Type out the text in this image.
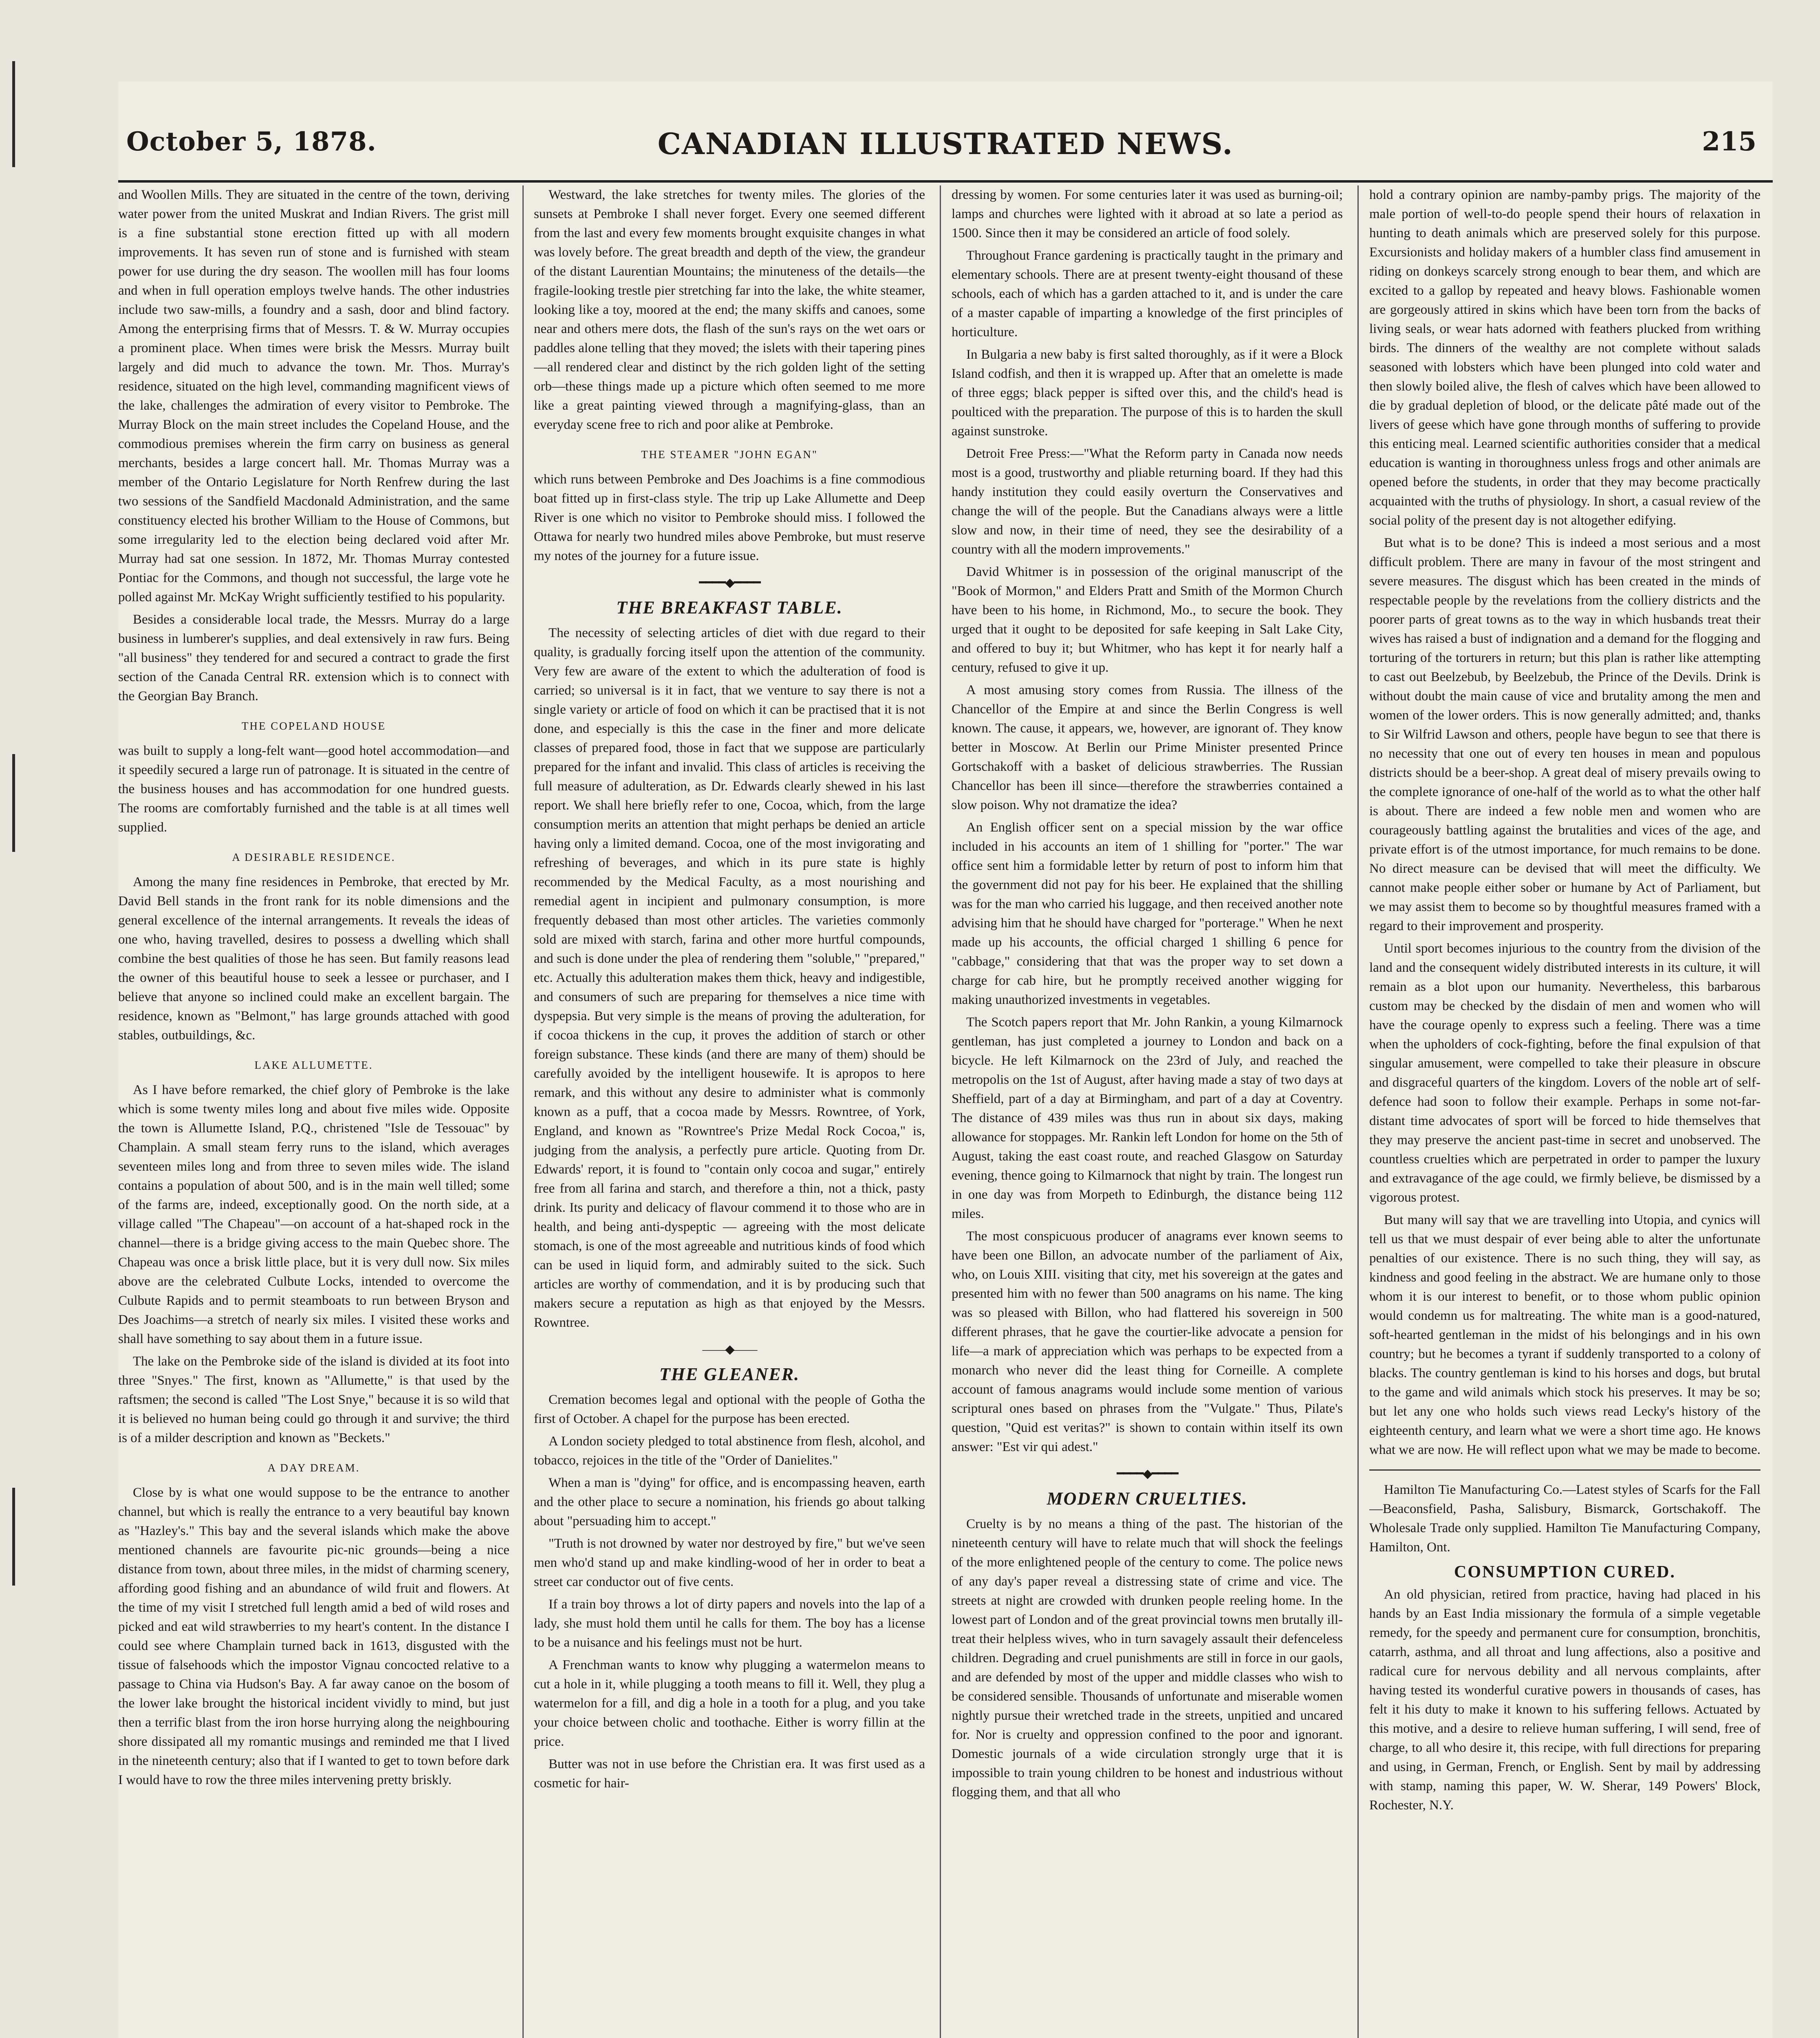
October 5, 1878.	CANADIAN ILLUSTRATED NEWS.	215

and Woollen Mills. They are situated in the centre of the town, deriving water power from the united Muskrat and Indian Rivers. The grist mill is a fine substantial stone erection fitted up with all modern improvements. It has seven run of stone and is furnished with steam power for use during the dry season. The woollen mill has four looms and when in full operation employs twelve hands. The other industries include two saw-mills, a foundry and a sash, door and blind factory. Among the enterprising firms that of Messrs. T. & W. Murray occupies a prominent place. When times were brisk the Messrs. Murray built largely and did much to advance the town. Mr. Thos. Murray's residence, situated on the high level, commanding magnificent views of the lake, challenges the admiration of every visitor to Pembroke. The Murray Block on the main street includes the Copeland House, and the commodious premises wherein the firm carry on business as general merchants, besides a large concert hall. Mr. Thomas Murray was a member of the Ontario Legislature for North Renfrew during the last two sessions of the Sandfield Macdonald Administration, and the same constituency elected his brother William to the House of Commons, but some irregularity led to the election being declared void after Mr. Murray had sat one session. In 1872, Mr. Thomas Murray contested Pontiac for the Commons, and though not successful, the large vote he polled against Mr. McKay Wright sufficiently testified to his popularity.

Besides a considerable local trade, the Messrs. Murray do a large business in lumberer's supplies, and deal extensively in raw furs. Being "all business" they tendered for and secured a contract to grade the first section of the Canada Central RR. extension which is to connect with the Georgian Bay Branch.

THE COPELAND HOUSE

was built to supply a long-felt want—good hotel accommodation—and it speedily secured a large run of patronage. It is situated in the centre of the business houses and has accommodation for one hundred guests. The rooms are comfortably furnished and the table is at all times well supplied.

A DESIRABLE RESIDENCE.

Among the many fine residences in Pembroke, that erected by Mr. David Bell stands in the front rank for its noble dimensions and the general excellence of the internal arrangements. It reveals the ideas of one who, having travelled, desires to possess a dwelling which shall combine the best qualities of those he has seen. But family reasons lead the owner of this beautiful house to seek a lessee or purchaser, and I believe that anyone so inclined could make an excellent bargain. The residence, known as "Belmont," has large grounds attached with good stables, outbuildings, &c.

LAKE ALLUMETTE.

As I have before remarked, the chief glory of Pembroke is the lake which is some twenty miles long and about five miles wide. Opposite the town is Allumette Island, P.Q., christened "Isle de Tessouac" by Champlain. A small steam ferry runs to the island, which averages seventeen miles long and from three to seven miles wide. The island contains a population of about 500, and is in the main well tilled; some of the farms are, indeed, exceptionally good. On the north side, at a village called "The Chapeau"—on account of a hat-shaped rock in the channel—there is a bridge giving access to the main Quebec shore. The Chapeau was once a brisk little place, but it is very dull now. Six miles above are the celebrated Culbute Locks, intended to overcome the Culbute Rapids and to permit steamboats to run between Bryson and Des Joachims—a stretch of nearly six miles. I visited these works and shall have something to say about them in a future issue.

The lake on the Pembroke side of the island is divided at its foot into three "Snyes." The first, known as "Allumette," is that used by the raftsmen; the second is called "The Lost Snye," because it is so wild that it is believed no human being could go through it and survive; the third is of a milder description and known as "Beckets."

A DAY DREAM.

Close by is what one would suppose to be the entrance to another channel, but which is really the entrance to a very beautiful bay known as "Hazley's." This bay and the several islands which make the above mentioned channels are favourite pic-nic grounds—being a nice distance from town, about three miles, in the midst of charming scenery, affording good fishing and an abundance of wild fruit and flowers. At the time of my visit I stretched full length amid a bed of wild roses and picked and eat wild strawberries to my heart's content. In the distance I could see where Champlain turned back in 1613, disgusted with the tissue of falsehoods which the impostor Vignau concocted relative to a passage to China via Hudson's Bay. A far away canoe on the bosom of the lower lake brought the historical incident vividly to mind, but just then a terrific blast from the iron horse hurrying along the neighbouring shore dissipated all my romantic musings and reminded me that I lived in the nineteenth century; also that if I wanted to get to town before dark I would have to row the three miles intervening pretty briskly.

Westward, the lake stretches for twenty miles. The glories of the sunsets at Pembroke I shall never forget. Every one seemed different from the last and every few moments brought exquisite changes in what was lovely before. The great breadth and depth of the view, the grandeur of the distant Laurentian Mountains; the minuteness of the details—the fragile-looking trestle pier stretching far into the lake, the white steamer, looking like a toy, moored at the end; the many skiffs and canoes, some near and others mere dots, the flash of the sun's rays on the wet oars or paddles alone telling that they moved; the islets with their tapering pines—all rendered clear and distinct by the rich golden light of the setting orb—these things made up a picture which often seemed to me more like a great painting viewed through a magnifying-glass, than an everyday scene free to rich and poor alike at Pembroke.

THE STEAMER "JOHN EGAN"

which runs between Pembroke and Des Joachims is a fine commodious boat fitted up in first-class style. The trip up Lake Allumette and Deep River is one which no visitor to Pembroke should miss. I followed the Ottawa for nearly two hundred miles above Pembroke, but must reserve my notes of the journey for a future issue.

━━━━◆━━━━
THE BREAKFAST TABLE.

The necessity of selecting articles of diet with due regard to their quality, is gradually forcing itself upon the attention of the community. Very few are aware of the extent to which the adulteration of food is carried; so universal is it in fact, that we venture to say there is not a single variety or article of food on which it can be practised that it is not done, and especially is this the case in the finer and more delicate classes of prepared food, those in fact that we suppose are particularly prepared for the infant and invalid. This class of articles is receiving the full measure of adulteration, as Dr. Edwards clearly shewed in his last report. We shall here briefly refer to one, Cocoa, which, from the large consumption merits an attention that might perhaps be denied an article having only a limited demand. Cocoa, one of the most invigorating and refreshing of beverages, and which in its pure state is highly recommended by the Medical Faculty, as a most nourishing and remedial agent in incipient and pulmonary consumption, is more frequently debased than most other articles. The varieties commonly sold are mixed with starch, farina and other more hurtful compounds, and such is done under the plea of rendering them "soluble," "prepared," etc. Actually this adulteration makes them thick, heavy and indigestible, and consumers of such are preparing for themselves a nice time with dyspepsia. But very simple is the means of proving the adulteration, for if cocoa thickens in the cup, it proves the addition of starch or other foreign substance. These kinds (and there are many of them) should be carefully avoided by the intelligent housewife. It is apropos to here remark, and this without any desire to administer what is commonly known as a puff, that a cocoa made by Messrs. Rowntree, of York, England, and known as "Rowntree's Prize Medal Rock Cocoa," is, judging from the analysis, a perfectly pure article. Quoting from Dr. Edwards' report, it is found to "contain only cocoa and sugar," entirely free from all farina and starch, and therefore a thin, not a thick, pasty drink. Its purity and delicacy of flavour commend it to those who are in health, and being anti-dyspeptic — agreeing with the most delicate stomach, is one of the most agreeable and nutritious kinds of food which can be used in liquid form, and admirably suited to the sick. Such articles are worthy of commendation, and it is by producing such that makers secure a reputation as high as that enjoyed by the Messrs. Rowntree.

——◆——
THE GLEANER.

Cremation becomes legal and optional with the people of Gotha the first of October. A chapel for the purpose has been erected.

A London society pledged to total abstinence from flesh, alcohol, and tobacco, rejoices in the title of the "Order of Danielites."

When a man is "dying" for office, and is encompassing heaven, earth and the other place to secure a nomination, his friends go about talking about "persuading him to accept."

"Truth is not drowned by water nor destroyed by fire," but we've seen men who'd stand up and make kindling-wood of her in order to beat a street car conductor out of five cents.

If a train boy throws a lot of dirty papers and novels into the lap of a lady, she must hold them until he calls for them. The boy has a license to be a nuisance and his feelings must not be hurt.

A Frenchman wants to know why plugging a watermelon means to cut a hole in it, while plugging a tooth means to fill it. Well, they plug a watermelon for a fill, and dig a hole in a tooth for a plug, and you take your choice between cholic and toothache. Either is worry fillin at the price.

Butter was not in use before the Christian era. It was first used as a cosmetic for hair-

dressing by women. For some centuries later it was used as burning-oil; lamps and churches were lighted with it abroad at so late a period as 1500. Since then it may be considered an article of food solely.

Throughout France gardening is practically taught in the primary and elementary schools. There are at present twenty-eight thousand of these schools, each of which has a garden attached to it, and is under the care of a master capable of imparting a knowledge of the first principles of horticulture.

In Bulgaria a new baby is first salted thoroughly, as if it were a Block Island codfish, and then it is wrapped up. After that an omelette is made of three eggs; black pepper is sifted over this, and the child's head is poulticed with the preparation. The purpose of this is to harden the skull against sunstroke.

Detroit Free Press:—"What the Reform party in Canada now needs most is a good, trustworthy and pliable returning board. If they had this handy institution they could easily overturn the Conservatives and change the will of the people. But the Canadians always were a little slow and now, in their time of need, they see the desirability of a country with all the modern improvements."

David Whitmer is in possession of the original manuscript of the "Book of Mormon," and Elders Pratt and Smith of the Mormon Church have been to his home, in Richmond, Mo., to secure the book. They urged that it ought to be deposited for safe keeping in Salt Lake City, and offered to buy it; but Whitmer, who has kept it for nearly half a century, refused to give it up.

A most amusing story comes from Russia. The illness of the Chancellor of the Empire at and since the Berlin Congress is well known. The cause, it appears, we, however, are ignorant of. They know better in Moscow. At Berlin our Prime Minister presented Prince Gortschakoff with a basket of delicious strawberries. The Russian Chancellor has been ill since—therefore the strawberries contained a slow poison. Why not dramatize the idea?

An English officer sent on a special mission by the war office included in his accounts an item of 1 shilling for "porter." The war office sent him a formidable letter by return of post to inform him that the government did not pay for his beer. He explained that the shilling was for the man who carried his luggage, and then received another note advising him that he should have charged for "porterage." When he next made up his accounts, the official charged 1 shilling 6 pence for "cabbage," considering that that was the proper way to set down a charge for cab hire, but he promptly received another wigging for making unauthorized investments in vegetables.

The Scotch papers report that Mr. John Rankin, a young Kilmarnock gentleman, has just completed a journey to London and back on a bicycle. He left Kilmarnock on the 23rd of July, and reached the metropolis on the 1st of August, after having made a stay of two days at Sheffield, part of a day at Birmingham, and part of a day at Coventry. The distance of 439 miles was thus run in about six days, making allowance for stoppages. Mr. Rankin left London for home on the 5th of August, taking the east coast route, and reached Glasgow on Saturday evening, thence going to Kilmarnock that night by train. The longest run in one day was from Morpeth to Edinburgh, the distance being 112 miles.

The most conspicuous producer of anagrams ever known seems to have been one Billon, an advocate number of the parliament of Aix, who, on Louis XIII. visiting that city, met his sovereign at the gates and presented him with no fewer than 500 anagrams on his name. The king was so pleased with Billon, who had flattered his sovereign in 500 different phrases, that he gave the courtier-like advocate a pension for life—a mark of appreciation which was perhaps to be expected from a monarch who never did the least thing for Corneille. A complete account of famous anagrams would include some mention of various scriptural ones based on phrases from the "Vulgate." Thus, Pilate's question, "Quid est veritas?" is shown to contain within itself its own answer: "Est vir qui adest."

━━━━◆━━━━
MODERN CRUELTIES.

Cruelty is by no means a thing of the past. The historian of the nineteenth century will have to relate much that will shock the feelings of the more enlightened people of the century to come. The police news of any day's paper reveal a distressing state of crime and vice. The streets at night are crowded with drunken people reeling home. In the lowest part of London and of the great provincial towns men brutally ill-treat their helpless wives, who in turn savagely assault their defenceless children. Degrading and cruel punishments are still in force in our gaols, and are defended by most of the upper and middle classes who wish to be considered sensible. Thousands of unfortunate and miserable women nightly pursue their wretched trade in the streets, unpitied and uncared for. Nor is cruelty and oppression confined to the poor and ignorant. Domestic journals of a wide circulation strongly urge that it is impossible to train young children to be honest and industrious without flogging them, and that all who

hold a contrary opinion are namby-pamby prigs. The majority of the male portion of well-to-do people spend their hours of relaxation in hunting to death animals which are preserved solely for this purpose. Excursionists and holiday makers of a humbler class find amusement in riding on donkeys scarcely strong enough to bear them, and which are excited to a gallop by repeated and heavy blows. Fashionable women are gorgeously attired in skins which have been torn from the backs of living seals, or wear hats adorned with feathers plucked from writhing birds. The dinners of the wealthy are not complete without salads seasoned with lobsters which have been plunged into cold water and then slowly boiled alive, the flesh of calves which have been allowed to die by gradual depletion of blood, or the delicate pâté made out of the livers of geese which have gone through months of suffering to provide this enticing meal. Learned scientific authorities consider that a medical education is wanting in thoroughness unless frogs and other animals are opened before the students, in order that they may become practically acquainted with the truths of physiology. In short, a casual review of the social polity of the present day is not altogether edifying.

But what is to be done? This is indeed a most serious and a most difficult problem. There are many in favour of the most stringent and severe measures. The disgust which has been created in the minds of respectable people by the revelations from the colliery districts and the poorer parts of great towns as to the way in which husbands treat their wives has raised a bust of indignation and a demand for the flogging and torturing of the torturers in return; but this plan is rather like attempting to cast out Beelzebub, by Beelzebub, the Prince of the Devils. Drink is without doubt the main cause of vice and brutality among the men and women of the lower orders. This is now generally admitted; and, thanks to Sir Wilfrid Lawson and others, people have begun to see that there is no necessity that one out of every ten houses in mean and populous districts should be a beer-shop. A great deal of misery prevails owing to the complete ignorance of one-half of the world as to what the other half is about. There are indeed a few noble men and women who are courageously battling against the brutalities and vices of the age, and private effort is of the utmost importance, for much remains to be done. No direct measure can be devised that will meet the difficulty. We cannot make people either sober or humane by Act of Parliament, but we may assist them to become so by thoughtful measures framed with a regard to their improvement and prosperity.

Until sport becomes injurious to the country from the division of the land and the consequent widely distributed interests in its culture, it will remain as a blot upon our humanity. Nevertheless, this barbarous custom may be checked by the disdain of men and women who will have the courage openly to express such a feeling. There was a time when the upholders of cock-fighting, before the final expulsion of that singular amusement, were compelled to take their pleasure in obscure and disgraceful quarters of the kingdom. Lovers of the noble art of self-defence had soon to follow their example. Perhaps in some not-far-distant time advocates of sport will be forced to hide themselves that they may preserve the ancient past-time in secret and unobserved. The countless cruelties which are perpetrated in order to pamper the luxury and extravagance of the age could, we firmly believe, be dismissed by a vigorous protest.

But many will say that we are travelling into Utopia, and cynics will tell us that we must despair of ever being able to alter the unfortunate penalties of our existence. There is no such thing, they will say, as kindness and good feeling in the abstract. We are humane only to those whom it is our interest to benefit, or to those whom public opinion would condemn us for maltreating. The white man is a good-natured, soft-hearted gentleman in the midst of his belongings and in his own country; but he becomes a tyrant if suddenly transported to a colony of blacks. The country gentleman is kind to his horses and dogs, but brutal to the game and wild animals which stock his preserves. It may be so; but let any one who holds such views read Lecky's history of the eighteenth century, and learn what we were a short time ago. He knows what we are now. He will reflect upon what we may be made to become.

Hamilton Tie Manufacturing Co.—Latest styles of Scarfs for the Fall—Beaconsfield, Pasha, Salisbury, Bismarck, Gortschakoff. The Wholesale Trade only supplied. Hamilton Tie Manufacturing Company, Hamilton, Ont.

CONSUMPTION CURED.

An old physician, retired from practice, having had placed in his hands by an East India missionary the formula of a simple vegetable remedy, for the speedy and permanent cure for consumption, bronchitis, catarrh, asthma, and all throat and lung affections, also a positive and radical cure for nervous debility and all nervous complaints, after having tested its wonderful curative powers in thousands of cases, has felt it his duty to make it known to his suffering fellows. Actuated by this motive, and a desire to relieve human suffering, I will send, free of charge, to all who desire it, this recipe, with full directions for preparing and using, in German, French, or English. Sent by mail by addressing with stamp, naming this paper, W. W. Sherar, 149 Powers' Block, Rochester, N.Y.
